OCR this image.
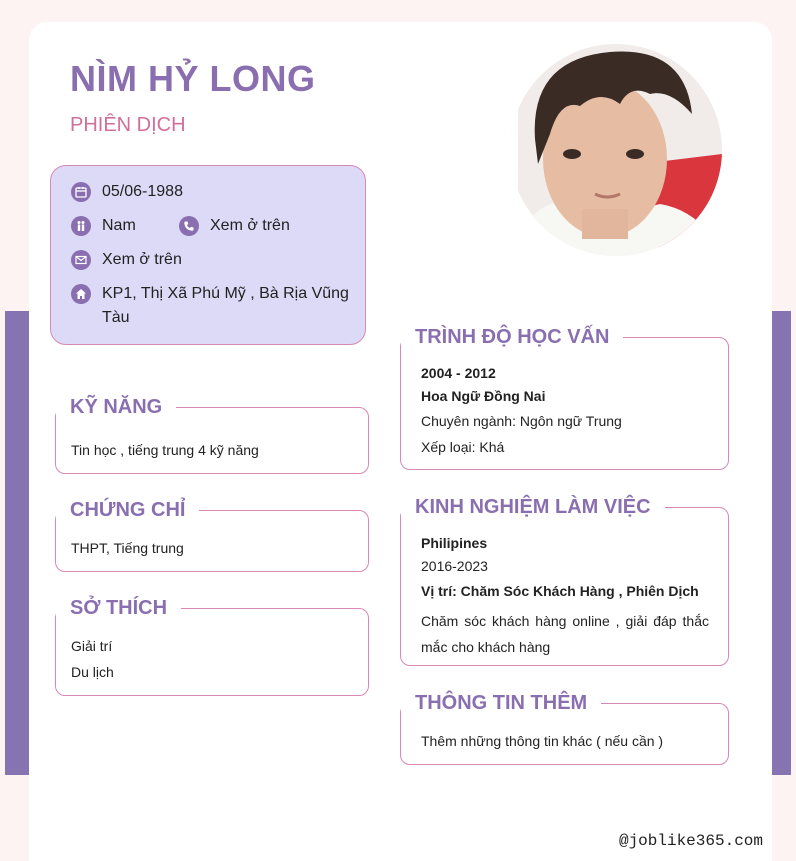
NÌM HỶ LONG
PHIÊN DỊCH
05/06-1988
Nam	Xem ở trên
Xem ở trên
KP1, Thị Xã Phú Mỹ , Bà Rịa Vũng Tàu
KỸ NĂNG
Tin học , tiếng trung 4 kỹ năng
CHỨNG CHỈ
THPT, Tiếng trung
SỞ THÍCH
Giải trí
Du lịch
TRÌNH ĐỘ HỌC VẤN
2004 - 2012
Hoa Ngữ Đồng Nai
Chuyên ngành: Ngôn ngữ Trung
Xếp loại: Khá
KINH NGHIỆM LÀM VIỆC
Philipines
2016-2023
Vị trí: Chăm Sóc Khách Hàng , Phiên Dịch
Chăm sóc khách hàng online , giải đáp thắc mắc cho khách hàng
THÔNG TIN THÊM
Thêm những thông tin khác ( nếu cần )
@joblike365.com
